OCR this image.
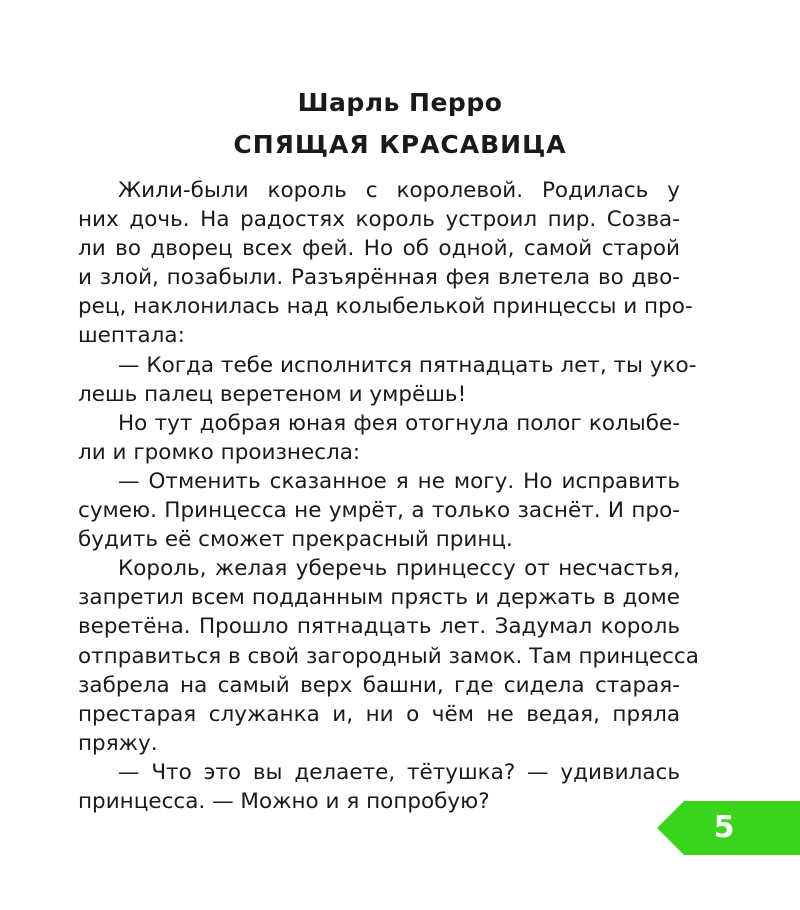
Шарль Перро
СПЯЩАЯ КРАСАВИЦА
Жили-были король с королевой. Родилась у
них дочь. На радостях король устроил пир. Созва-
ли во дворец всех фей. Но об одной, самой старой
и злой, позабыли. Разъярённая фея влетела во дво-
рец, наклонилась над колыбелькой принцессы и про-
шептала:
— Когда тебе исполнится пятнадцать лет, ты уко-
лешь палец веретеном и умрёшь!
Но тут добрая юная фея отогнула полог колыбе-
ли и громко произнесла:
— Отменить сказанное я не могу. Но исправить
сумею. Принцесса не умрёт, а только заснёт. И про-
будить её сможет прекрасный принц.
Король, желая уберечь принцессу от несчастья,
запретил всем подданным прясть и держать в доме
веретёна. Прошло пятнадцать лет. Задумал король
отправиться в свой загородный замок. Там принцесса
забрела на самый верх башни, где сидела старая-
престарая служанка и, ни о чём не ведая, пряла
пряжу.
— Что это вы делаете, тётушка? — удивилась
принцесса. — Можно и я попробую?
5
